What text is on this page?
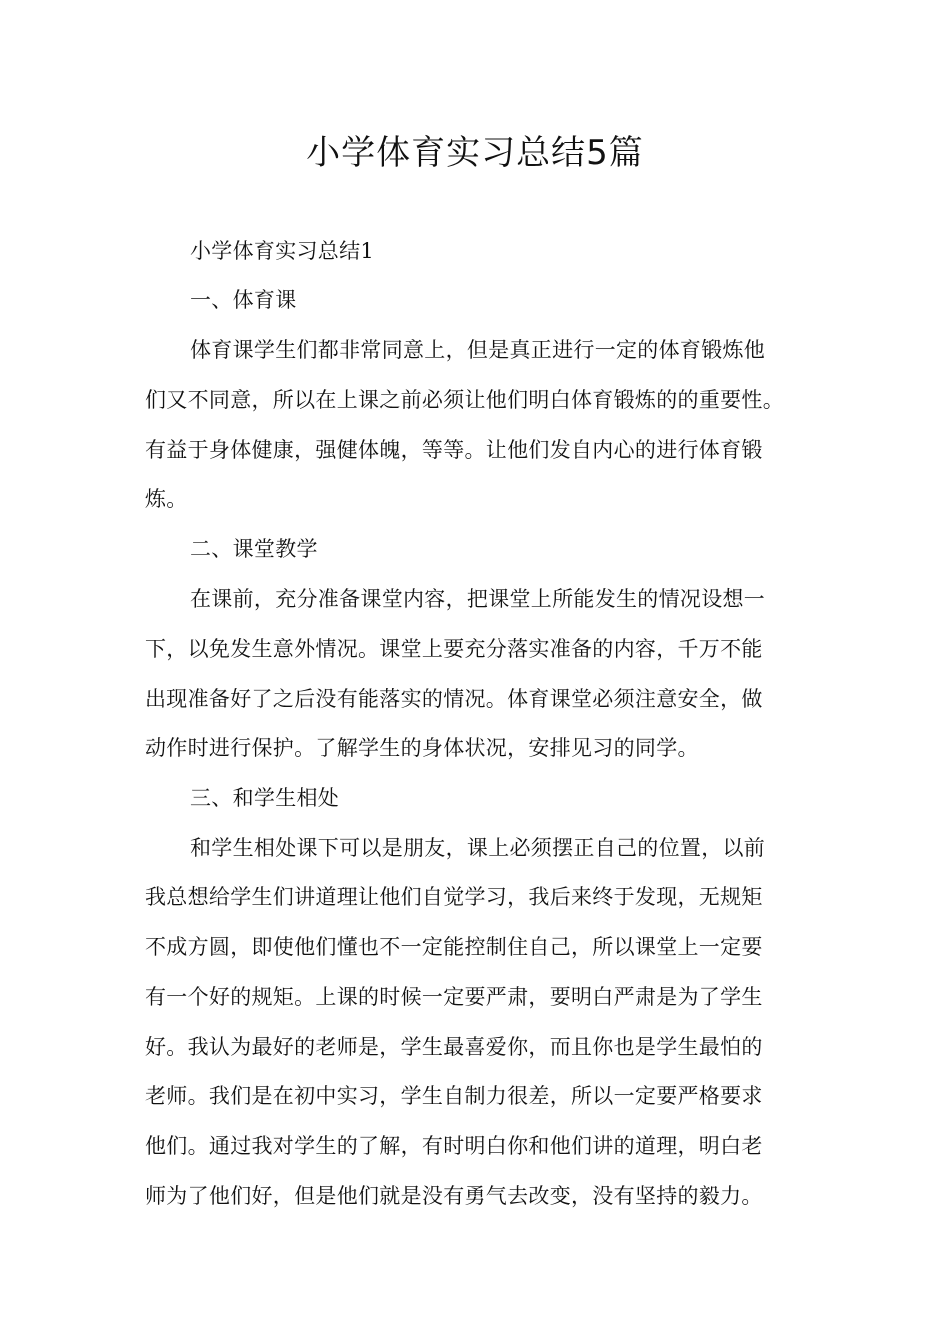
小学体育实习总结5篇
小学体育实习总结1
一、体育课
体育课学生们都非常同意上，但是真正进行一定的体育锻炼他
们又不同意，所以在上课之前必须让他们明白体育锻炼的的重要性。
有益于身体健康，强健体魄，等等。让他们发自内心的进行体育锻
炼。
二、课堂教学
在课前，充分准备课堂内容，把课堂上所能发生的情况设想一
下，以免发生意外情况。课堂上要充分落实准备的内容，千万不能
出现准备好了之后没有能落实的情况。体育课堂必须注意安全，做
动作时进行保护。了解学生的身体状况，安排见习的同学。
三、和学生相处
和学生相处课下可以是朋友，课上必须摆正自己的位置，以前
我总想给学生们讲道理让他们自觉学习，我后来终于发现，无规矩
不成方圆，即使他们懂也不一定能控制住自己，所以课堂上一定要
有一个好的规矩。上课的时候一定要严肃，要明白严肃是为了学生
好。我认为最好的老师是，学生最喜爱你，而且你也是学生最怕的
老师。我们是在初中实习，学生自制力很差，所以一定要严格要求
他们。通过我对学生的了解，有时明白你和他们讲的道理，明白老
师为了他们好，但是他们就是没有勇气去改变，没有坚持的毅力。
